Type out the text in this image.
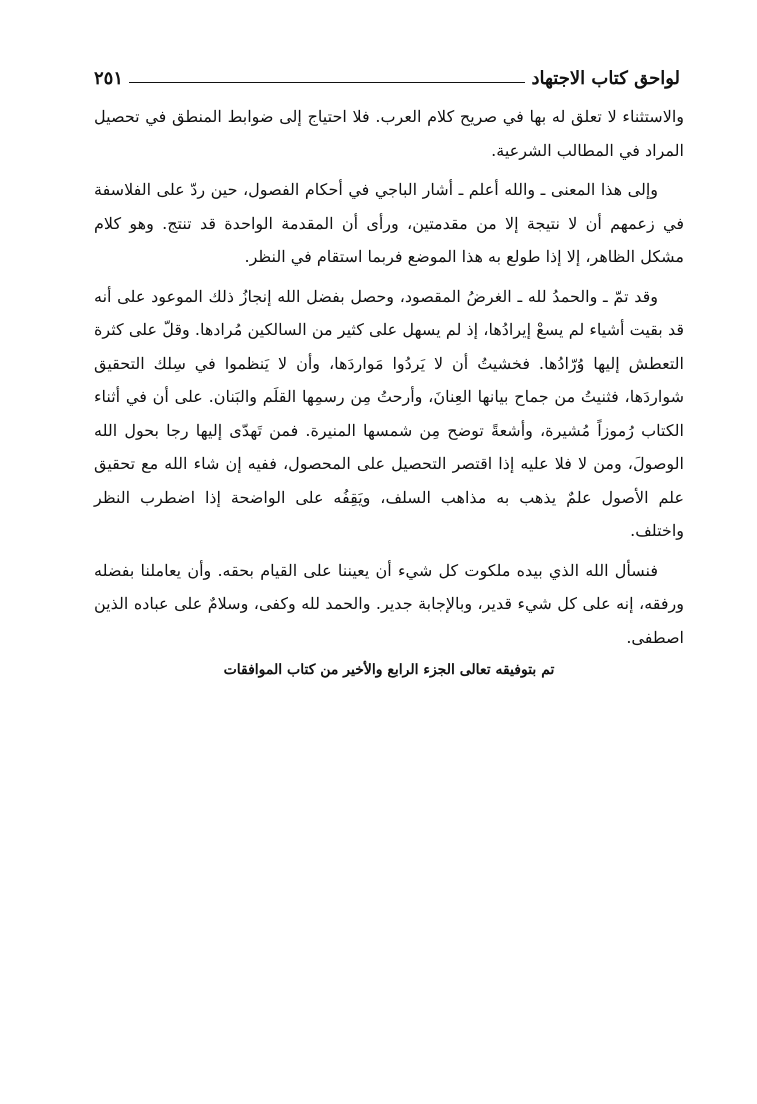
لواحق كتاب الاجتهاد
٢٥١

والاستثناء لا تعلق له بها في صريح كلام العرب. فلا احتياج إلى ضوابط المنطق في تحصيل المراد في المطالب الشرعية.

وإلى هذا المعنى ـ والله أعلم ـ أشار الباجي في أحكام الفصول، حين ردّ على الفلاسفة في زعمهم أن لا نتيجة إلا من مقدمتين، ورأى أن المقدمة الواحدة قد تنتج. وهو كلام مشكل الظاهر، إلا إذا طولع به هذا الموضع فربما استقام في النظر.

وقد تمّ ـ والحمدُ لله ـ الغرضُ المقصود، وحصل بفضل الله إنجازُ ذلك الموعود على أنه قد بقيت أشياء لم يسعْ إيرادُها، إذ لم يسهل على كثير من السالكين مُرادها. وقلّ على كثرة التعطش إليها وُرّادُها. فخشيتُ أن لا يَردُوا مَواردَها، وأن لا يَنظموا في سِلك التحقيق شواردَها، فثنيتُ من جماح بيانها العِنانَ، وأرحتُ مِن رسمِها القلَم والبَنان. على أن في أثناء الكتاب رُموزاً مُشيرة، وأشعةً توضح مِن شمسها المنيرة. فمن تَهدّى إليها رجا بحول الله الوصولَ، ومن لا فلا عليه إذا اقتصر التحصيل على المحصول، ففيه إن شاء الله مع تحقيق علم الأصول علمٌ يذهب به مذاهب السلف، ويَقِفُه على الواضحة إذا اضطرب النظر واختلف.

فنسأل الله الذي بيده ملكوت كل شيء أن يعيننا على القيام بحقه. وأن يعاملنا بفضله ورفقه، إنه على كل شيء قدير، وبالإجابة جدير. والحمد لله وكفى، وسلامٌ على عباده الذين اصطفى.

تم بتوفيقه تعالى الجزء الرابع والأخير من كتاب الموافقات
